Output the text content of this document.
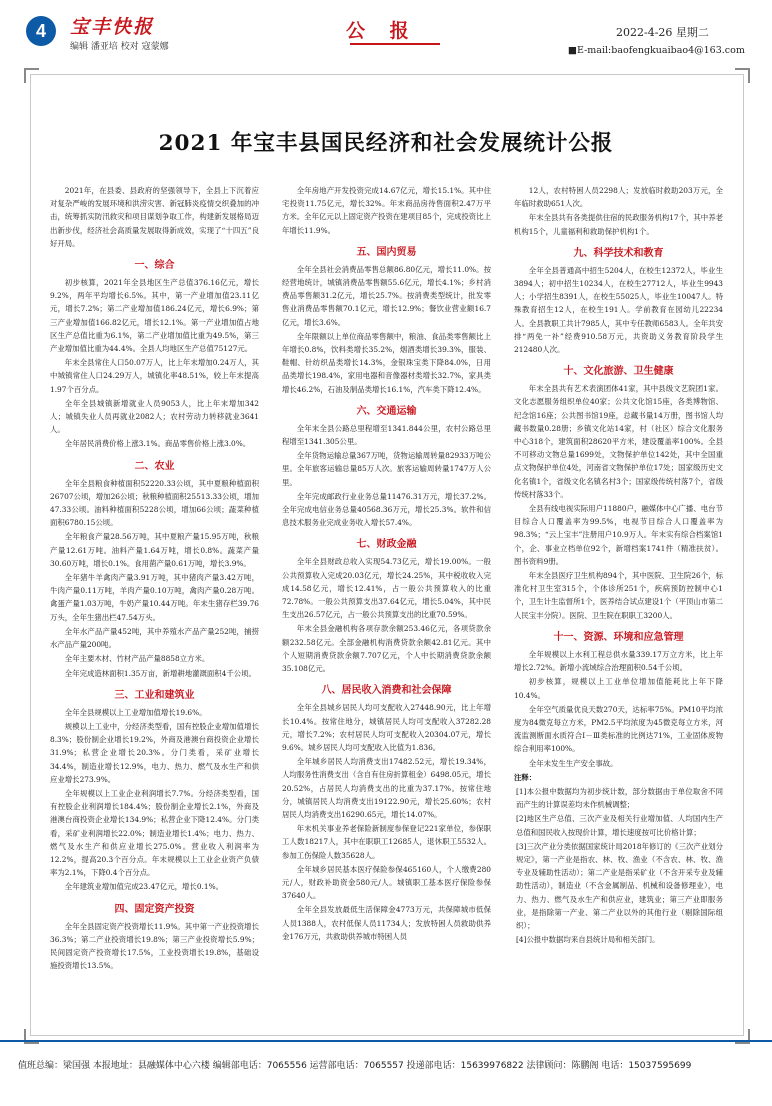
4	宝丰快报
编辑 潘亚培 校对 寇蒙娜
公 报	2022-4-26 星期二
■E-mail:baofengkuaibao4@163.com
2021 年宝丰县国民经济和社会发展统计公报

2021年，在县委、县政府的坚强领导下，全县上下沉着应对复杂严峻的发展环境和洪涝灾害、新冠肺炎疫情交织叠加的冲击，统筹抓实防汛救灾和项目谋划争取工作，构建新发展格局迈出新步伐，经济社会高质量发展取得新成效，实现了“十四五”良好开局。

一、综合

初步核算，2021年全县地区生产总值376.16亿元，增长9.2%，两年平均增长6.5%。其中，第一产业增加值23.11亿元，增长7.2%；第二产业增加值186.24亿元，增长6.9%；第三产业增加值166.82亿元，增长12.1%。第一产业增加值占地区生产总值比重为6.1%，第二产业增加值比重为49.5%，第三产业增加值比重为44.4%。全县人均地区生产总值75127元。

年末全县常住人口50.07万人，比上年末增加0.24万人，其中城镇常住人口24.29万人，城镇化率48.51%，较上年末提高1.97个百分点。

全年全县城镇新增就业人员9053人，比上年末增加342人；城镇失业人员再就业2082人；农村劳动力转移就业3641人。

全年居民消费价格上涨3.1%。商品零售价格上涨3.0%。

二、农业

全年全县粮食种植面积52220.33公顷，其中夏粮种植面积26707公顷，增加26公顷；秋粮种植面积25513.33公顷，增加47.33公顷。油料种植面积5228公顷，增加66公顷；蔬菜种植面积6780.15公顷。

全年粮食产量28.56万吨，其中夏粮产量15.95万吨，秋粮产量12.61万吨。油料产量1.64万吨，增长0.8%。蔬菜产量30.60万吨，增长0.1%。食用菌产量0.61万吨，增长3.9%。

全年猪牛羊禽肉产量3.91万吨，其中猪肉产量3.42万吨，牛肉产量0.11万吨，羊肉产量0.10万吨，禽肉产量0.28万吨。禽蛋产量1.03万吨，牛奶产量10.44万吨。年末生猪存栏39.76万头，全年生猪出栏47.54万头。

全年水产品产量452吨，其中养殖水产品产量252吨，捕捞水产品产量200吨。

全年主要木材、竹材产品产量8858立方米。

全年完成造林面积1.35万亩，新增耕地灌溉面积4千公顷。

三、工业和建筑业

全年全县规模以上工业增加值增长19.6%。

规模以上工业中，分经济类型看，国有控股企业增加值增长8.3%；股份制企业增长19.2%，外商及港澳台商投资企业增长31.9%；私营企业增长20.3%。分门类看，采矿业增长34.4%，制造业增长12.9%，电力、热力、燃气及水生产和供应业增长273.9%。

全年规模以上工业企业利润增长7.7%。分经济类型看，国有控股企业利润增长184.4%；股份制企业增长2.1%，外商及港澳台商投资企业增长134.9%；私营企业下降12.4%。分门类看，采矿业利润增长22.0%；制造业增长1.4%；电力、热力、燃气及水生产和供应业增长275.0%。营业收入利润率为12.2%，提高20.3个百分点。年末规模以上工业企业资产负债率为2.1%，下降0.4个百分点。

全年建筑业增加值完成23.47亿元，增长0.1%。

四、固定资产投资

全年全县固定资产投资增长11.9%。其中第一产业投资增长36.3%；第二产业投资增长19.8%；第三产业投资增长5.9%；民间固定资产投资增长17.5%，工业投资增长19.8%，基础设施投资增长13.5%。

全年房地产开发投资完成14.67亿元，增长15.1%。其中住宅投资11.75亿元，增长32%。年末商品房待售面积2.47万平方米。全年亿元以上固定资产投资在建项目85个，完成投资比上年增长11.9%。

五、国内贸易

全年全县社会消费品零售总额86.80亿元，增长11.0%。按经营地统计，城镇消费品零售额55.6亿元，增长4.1%；乡村消费品零售额31.2亿元，增长25.7%。按消费类型统计，批发零售业消费品零售额70.1亿元，增长12.9%；餐饮业营业额16.7亿元，增长3.6%。

全年限额以上单位商品零售额中，粮油、食品类零售额比上年增长0.8%，饮料类增长35.2%，烟酒类增长39.3%，服装、鞋帽、针纺织品类增长14.3%，金银珠宝类下降84.0%，日用品类增长198.4%，家用电器和音像器材类增长32.7%，家具类增长46.2%，石油及制品类增长16.1%，汽车类下降12.4%。

六、交通运输

全年末全县公路总里程增至1341.844公里，农村公路总里程增至1341.305公里。

全年货物运输总量367万吨，货物运输周转量82933万吨公里。全年旅客运输总量85万人次。旅客运输周转量1747万人公里。

全年完成邮政行业业务总量11476.31万元，增长37.2%。全年完成电信业务总量40568.36万元，增长25.3%。软件和信息技术服务业完成业务收入增长57.4%。

七、财政金融

全年全县财政总收入实现54.73亿元，增长19.00%。一般公共预算收入完成20.03亿元，增长24.25%，其中税收收入完成14.58亿元，增长12.41%，占一般公共预算收入的比重72.78%。一般公共预算支出37.64亿元，增长5.04%，其中民生支出26.57亿元，占一般公共预算支出的比重70.59%。

年末全县金融机构各项存款余额253.46亿元，各项贷款余额232.58亿元。全部金融机构消费贷款余额42.81亿元。其中个人短期消费贷款余额7.707亿元，个人中长期消费贷款余额35.108亿元。

八、居民收入消费和社会保障

全年全县城乡居民人均可支配收入27448.90元，比上年增长10.4%。按常住地分，城镇居民人均可支配收入37282.28元，增长7.2%；农村居民人均可支配收入20304.07元，增长9.6%。城乡居民人均可支配收入比值为1.836。

全年城乡居民人均消费支出17482.52元，增长19.34%，人均服务性消费支出（含自有住房折算租金）6498.05元，增长20.52%，占居民人均消费支出的比重为37.17%。按常住地分，城镇居民人均消费支出19122.90元，增长25.60%；农村居民人均消费支出16290.65元，增长14.07%。

年末机关事业养老保险新制度参保登记221家单位，参保职工人数18217人，其中在职职工12685人，退休职工5532人。参加工伤保险人数35628人。

全年城乡居民基本医疗保险参保465160人，个人缴费280元/人，财政补助资金580元/人。城镇职工基本医疗保险参保37640人。

全年全县发放最低生活保障金4773万元，共保障城市低保人员1388人，农村低保人员11734人；发放特困人员救助供养金176万元，共救助供养城市特困人员

12人，农村特困人员2298人；发放临时救助203万元，全年临时救助651人次。

年末全县共有各类提供住宿的民政服务机构17个，其中养老机构15个，儿童福利和救助保护机构1个。

九、科学技术和教育

全年全县普通高中招生5204人，在校生12372人，毕业生3894人；初中招生10234人，在校生27712人，毕业生9943人；小学招生8391人，在校生55025人，毕业生10047人。特殊教育招生12人，在校生191人。学前教育在园幼儿22234人。全县教职工共计7985人，其中专任教师6583人。全年共安排“两免一补”经费910.58万元，共资助义务教育阶段学生212480人次。

十、文化旅游、卫生健康

年末全县共有艺术表演团体41家，其中县级文艺院团1家。文化志愿服务组织单位40家；公共文化馆15座，各类博物馆、纪念馆16座；公共图书馆19座，总藏书量14万册，图书馆人均藏书数量0.28册；乡镇文化站14家，村（社区）综合文化服务中心318个，建筑面积28620平方米，建设覆盖率100%。全县不可移动文物总量1699处，文物保护单位142处，其中全国重点文物保护单位4处，河南省文物保护单位17处；国家级历史文化名镇1个，省级文化名镇名村3个；国家级传统村落7个，省级传统村落33个。

全县有线电视实际用户11880户，融媒体中心广播、电台节目综合人口覆盖率为99.5%，电视节目综合人口覆盖率为98.3%；“云上宝丰”注册用户10.9万人。年末实有综合档案馆1个，企、事业立档单位92个，新增档案1741件（精准扶贫）。图书资料9册。

年末全县医疗卫生机构894个，其中医院、卫生院26个，标准化村卫生室315个，个体诊所251个，疾病预防控制中心1个，卫生计生监督所1个，医养结合试点建设1个（平顶山市第二人民宝丰分院）。医院、卫生院在职职工3200人。

十一、资源、环境和应急管理

全年规模以上水利工程总供水量339.17万立方米，比上年增长2.72%。新增小流域综合治理面积0.54千公顷。

初步核算，规模以上工业单位增加值能耗比上年下降10.4%。

全年空气质量优良天数270天，达标率75%。PM10平均浓度为84微克每立方米，PM2.5平均浓度为45微克每立方米，河流监测断面水质符合Ⅰ－Ⅲ类标准的比例达71%，工业固体废物综合利用率100%。

全年未发生生产安全事故。

注释：

[1]本公报中数据均为初步统计数，部分数据由于单位取舍不同而产生的计算误差均未作机械调整；

[2]地区生产总值、三次产业及相关行业增加值、人均国内生产总值和国民收入按现价计算，增长速度按可比价格计算；

[3]三次产业分类依据国家统计局2018年修订的《三次产业划分规定》，第一产业是指农、林、牧、渔业（不含农、林、牧、渔专业及辅助性活动）；第二产业是指采矿业（不含开采专业及辅助性活动），制造业（不含金属制品、机械和设备修理业），电力、热力、燃气及水生产和供应业，建筑业；第三产业即服务业，是指除第一产业、第二产业以外的其他行业（剔除国际组织）；

[4]公报中数据均来自县统计局和相关部门。

值班总编：梁国强 本报地址：县融媒体中心六楼 编辑部电话：7065556 运营部电话：7065557 投递部电话：15639976822 法律顾问：陈鹏阁 电话：15037595699
